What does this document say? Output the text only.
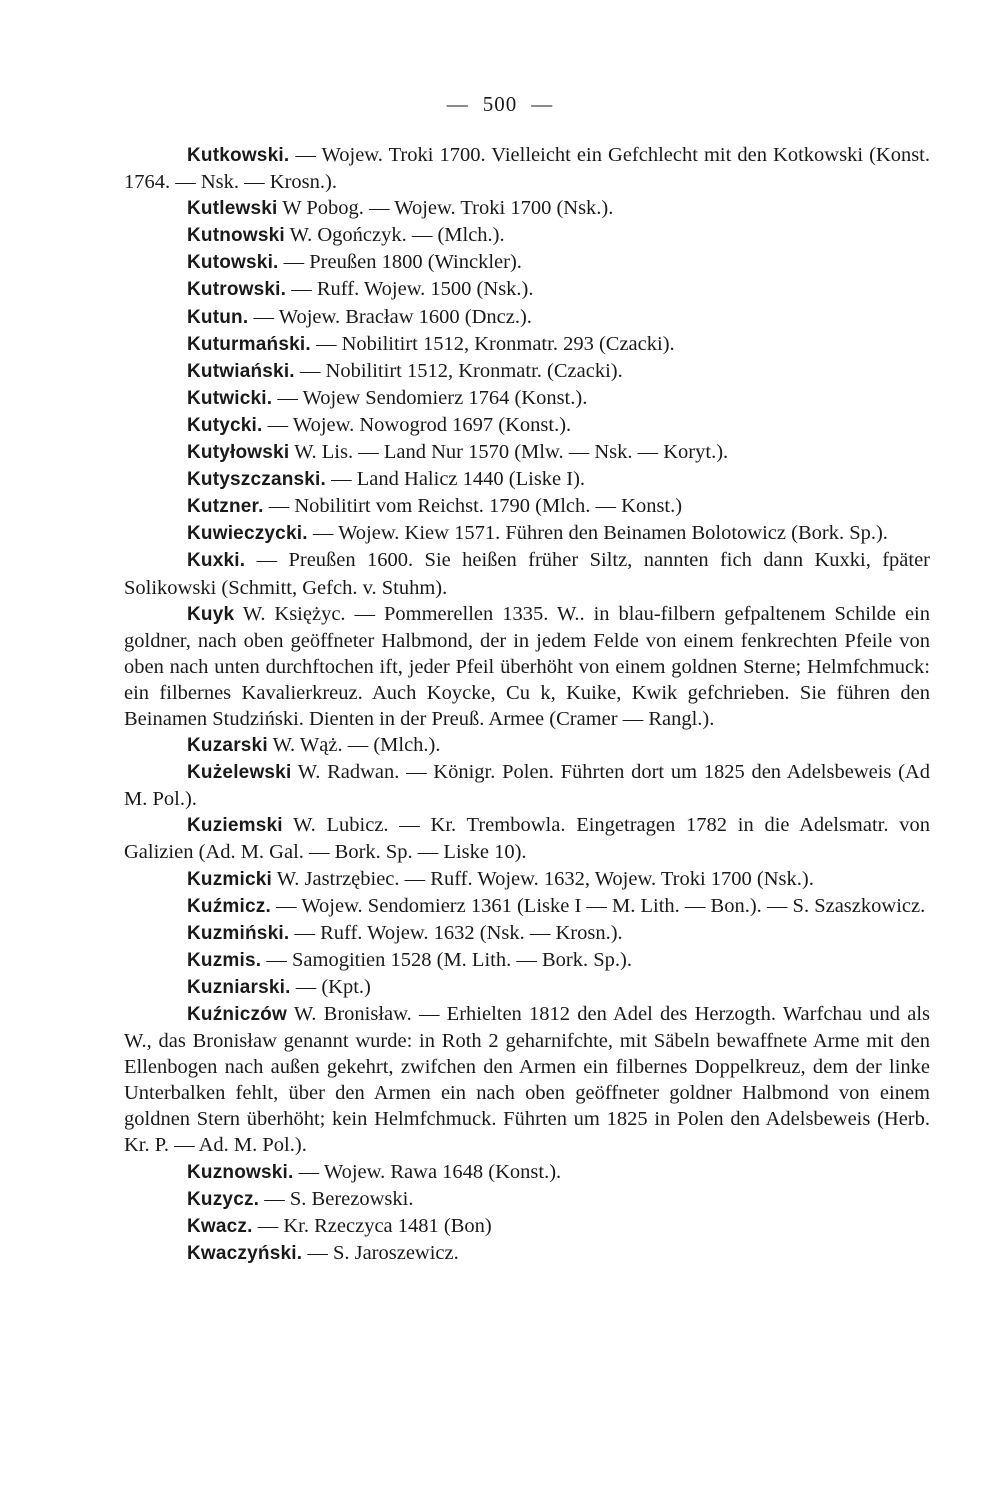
— 500 —

Kutkowski. — Wojew. Troki 1700. Vielleicht ein Gefchlecht mit den Kotkowski (Konst. 1764. — Nsk. — Krosn.).

Kutlewski W Pobog. — Wojew. Troki 1700 (Nsk.).

Kutnowski W. Ogończyk. — (Mlch.).

Kutowski. — Preußen 1800 (Winckler).

Kutrowski. — Ruff. Wojew. 1500 (Nsk.).

Kutun. — Wojew. Bracław 1600 (Dncz.).

Kuturmański. — Nobilitirt 1512, Kronmatr. 293 (Czacki).

Kutwiański. — Nobilitirt 1512, Kronmatr. (Czacki).

Kutwicki. — Wojew Sendomierz 1764 (Konst.).

Kutycki. — Wojew. Nowogrod 1697 (Konst.).

Kutyłowski W. Lis. — Land Nur 1570 (Mlw. — Nsk. — Koryt.).

Kutyszczanski. — Land Halicz 1440 (Liske I).

Kutzner. — Nobilitirt vom Reichst. 1790 (Mlch. — Konst.)

Kuwieczycki. — Wojew. Kiew 1571. Führen den Beinamen Bolotowicz (Bork. Sp.).

Kuxki. — Preußen 1600. Sie heißen früher Siltz, nannten fich dann Kuxki, fpäter Solikowski (Schmitt, Gefch. v. Stuhm).

Kuyk W. Księżyc. — Pommerellen 1335. W.. in blau-filbern gefpaltenem Schilde ein goldner, nach oben geöffneter Halbmond, der in jedem Felde von einem fenkrechten Pfeile von oben nach unten durchftochen ift, jeder Pfeil überhöht von einem goldnen Sterne; Helmfchmuck: ein filbernes Kavalierkreuz. Auch Koycke, Cu k, Kuike, Kwik gefchrieben. Sie führen den Beinamen Studziński. Dienten in der Preuß. Armee (Cramer — Rangl.).

Kuzarski W. Wąż. — (Mlch.).

Kużelewski W. Radwan. — Königr. Polen. Führten dort um 1825 den Adelsbeweis (Ad M. Pol.).

Kuziemski W. Lubicz. — Kr. Trembowla. Eingetragen 1782 in die Adelsmatr. von Galizien (Ad. M. Gal. — Bork. Sp. — Liske 10).

Kuzmicki W. Jastrzębiec. — Ruff. Wojew. 1632, Wojew. Troki 1700 (Nsk.).

Kuźmicz. — Wojew. Sendomierz 1361 (Liske I — M. Lith. — Bon.). — S. Szaszkowicz.

Kuzmiński. — Ruff. Wojew. 1632 (Nsk. — Krosn.).

Kuzmis. — Samogitien 1528 (M. Lith. — Bork. Sp.).

Kuzniarski. — (Kpt.)

Kuźniczów W. Bronisław. — Erhielten 1812 den Adel des Herzogth. Warfchau und als W., das Bronisław genannt wurde: in Roth 2 geharnifchte, mit Säbeln bewaffnete Arme mit den Ellenbogen nach außen gekehrt, zwifchen den Armen ein filbernes Doppelkreuz, dem der linke Unterbalken fehlt, über den Armen ein nach oben geöffneter goldner Halbmond von einem goldnen Stern überhöht; kein Helmfchmuck. Führten um 1825 in Polen den Adelsbeweis (Herb. Kr. P. — Ad. M. Pol.).

Kuznowski. — Wojew. Rawa 1648 (Konst.).

Kuzycz. — S. Berezowski.

Kwacz. — Kr. Rzeczyca 1481 (Bon)

Kwaczyński. — S. Jaroszewicz.
